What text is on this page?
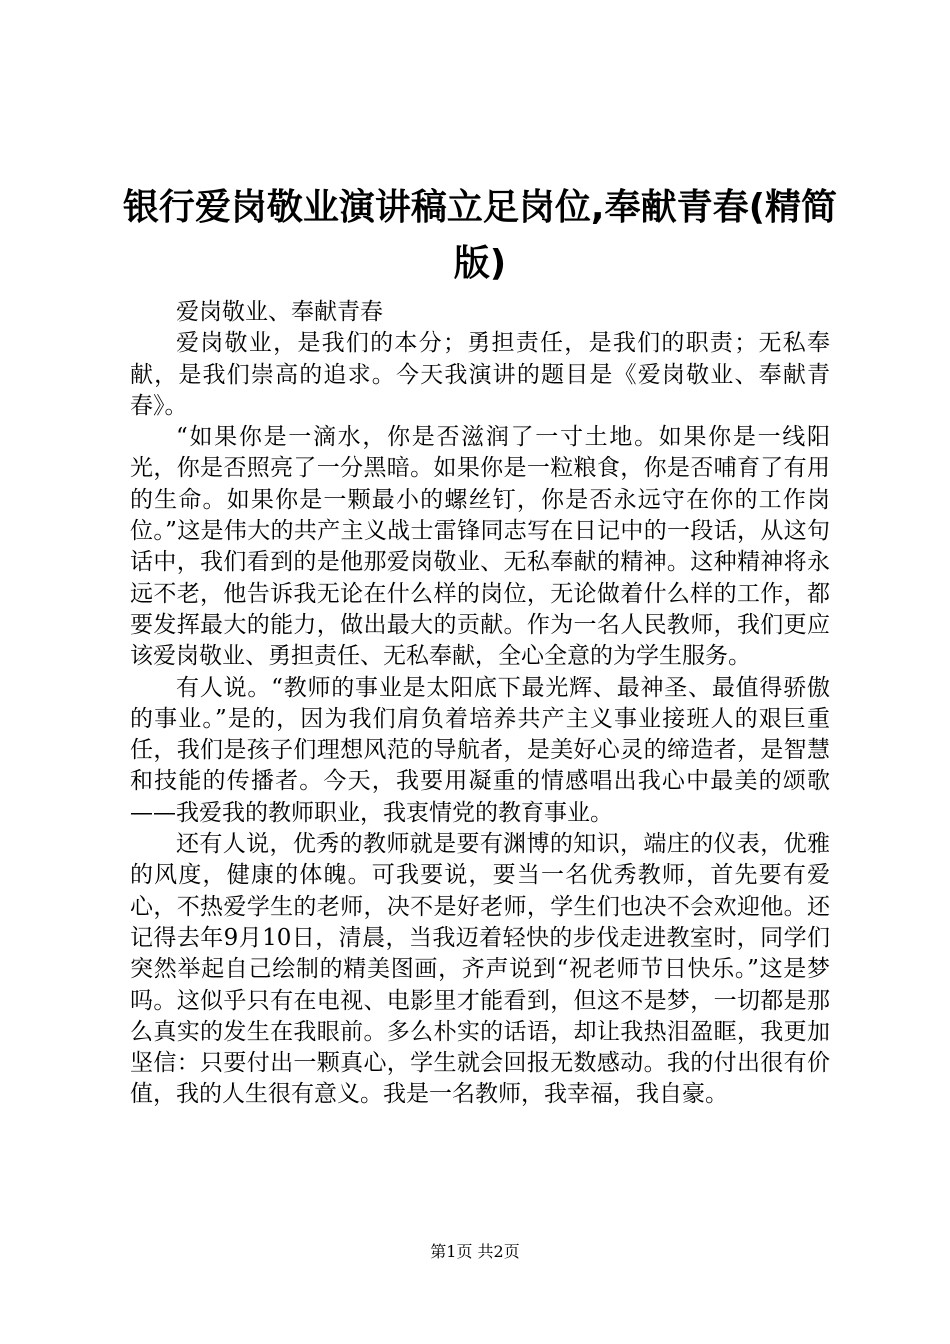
银行爱岗敬业演讲稿立足岗位,奉献青春(精简版)

爱岗敬业、奉献青春

爱岗敬业，是我们的本分；勇担责任，是我们的职责；无私奉献，是我们崇高的追求。今天我演讲的题目是《爱岗敬业、奉献青春》。

“如果你是一滴水，你是否滋润了一寸土地。如果你是一线阳光，你是否照亮了一分黑暗。如果你是一粒粮食，你是否哺育了有用的生命。如果你是一颗最小的螺丝钉，你是否永远守在你的工作岗位。”这是伟大的共产主义战士雷锋同志写在日记中的一段话，从这句话中，我们看到的是他那爱岗敬业、无私奉献的精神。这种精神将永远不老，他告诉我无论在什么样的岗位，无论做着什么样的工作，都要发挥最大的能力，做出最大的贡献。作为一名人民教师，我们更应该爱岗敬业、勇担责任、无私奉献，全心全意的为学生服务。

有人说。“教师的事业是太阳底下最光辉、最神圣、最值得骄傲的事业。”是的，因为我们肩负着培养共产主义事业接班人的艰巨重任，我们是孩子们理想风范的导航者，是美好心灵的缔造者，是智慧和技能的传播者。今天，我要用凝重的情感唱出我心中最美的颂歌——我爱我的教师职业，我衷情党的教育事业。

还有人说，优秀的教师就是要有渊博的知识，端庄的仪表，优雅的风度，健康的体魄。可我要说，要当一名优秀教师，首先要有爱心，不热爱学生的老师，决不是好老师，学生们也决不会欢迎他。还记得去年9月10日，清晨，当我迈着轻快的步伐走进教室时，同学们突然举起自己绘制的精美图画，齐声说到“祝老师节日快乐。”这是梦吗。这似乎只有在电视、电影里才能看到，但这不是梦，一切都是那么真实的发生在我眼前。多么朴实的话语，却让我热泪盈眶，我更加坚信：只要付出一颗真心，学生就会回报无数感动。我的付出很有价值，我的人生很有意义。我是一名教师，我幸福，我自豪。

第1页 共2页
